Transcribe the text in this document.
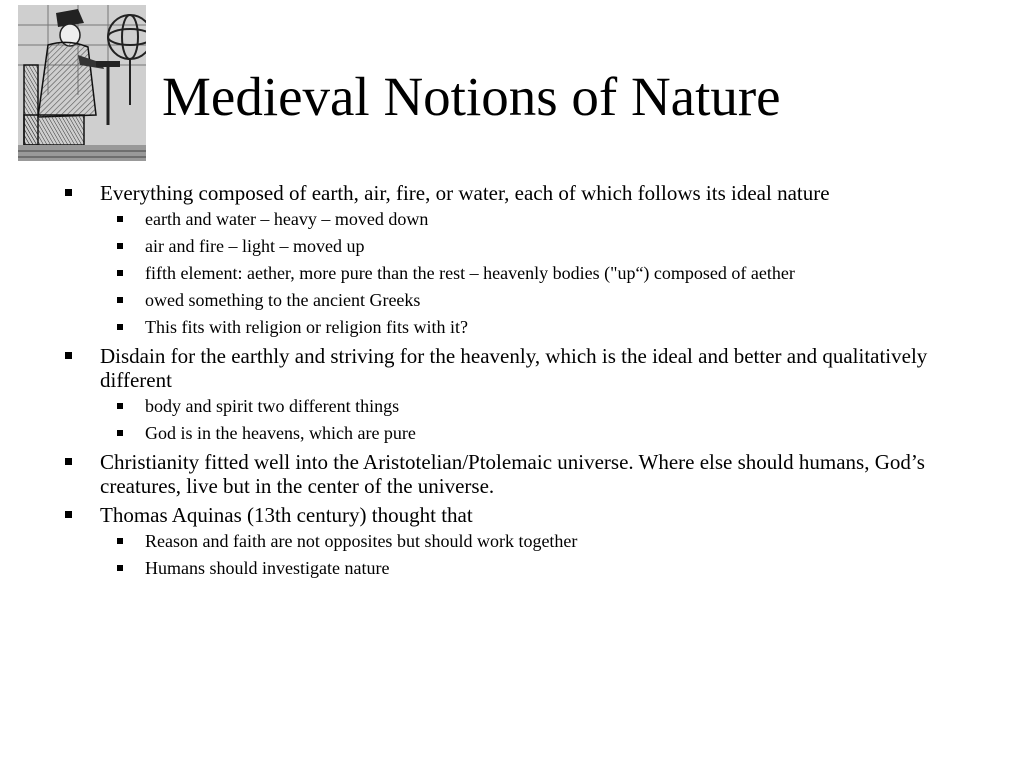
Medieval Notions of Nature
Everything composed of earth, air, fire, or water, each of which follows its ideal nature
earth and water – heavy – moved down
air and fire – light – moved up
fifth element: aether, more pure than the rest – heavenly bodies ("up“) composed of aether
owed something to the ancient Greeks
This fits with religion or religion fits with it?
Disdain for the earthly and striving for the heavenly, which is the ideal and better and qualitatively different
body and spirit two different things
God is in the heavens, which are pure
Christianity fitted well into the Aristotelian/Ptolemaic universe. Where else should humans, God’s creatures, live but in the center of the universe.
Thomas Aquinas (13th century) thought that
Reason and faith are not opposites but should work together
Humans should investigate nature
